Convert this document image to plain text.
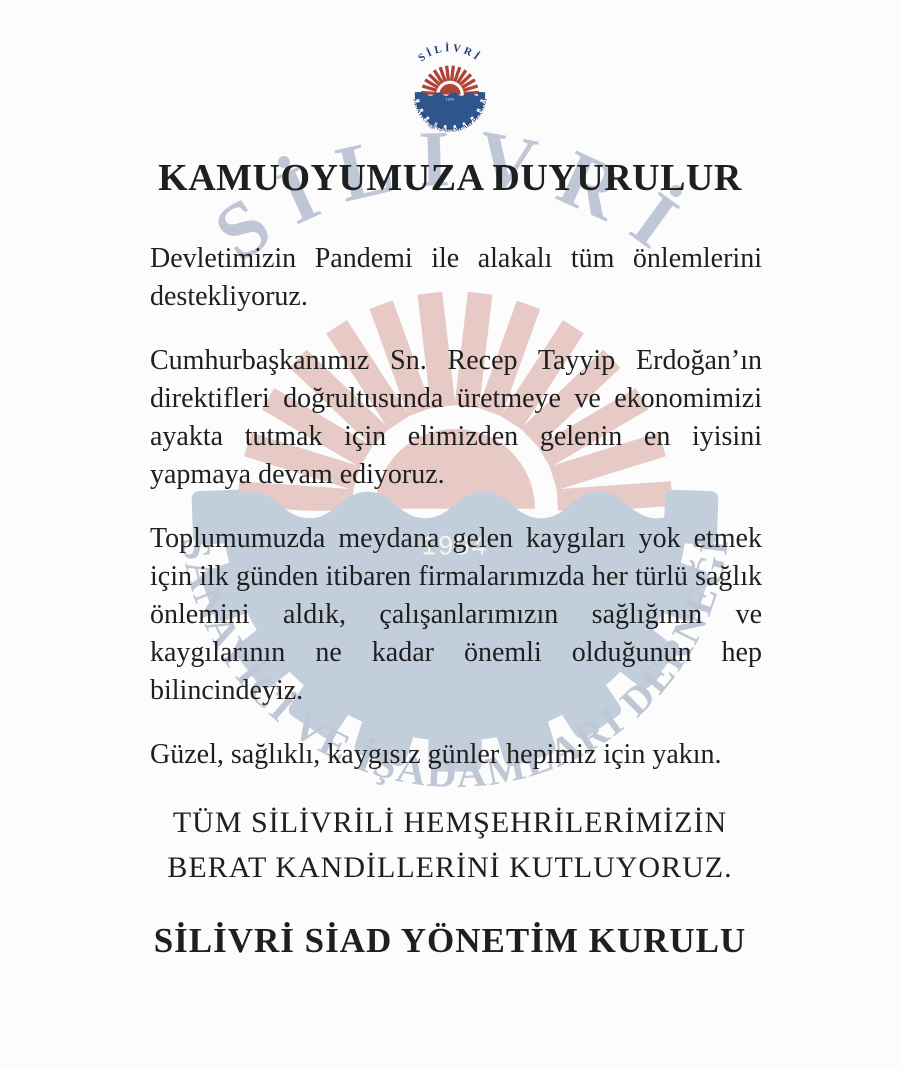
KAMUOYUMUZA DUYURULUR

Devletimizin Pandemi ile alakalı tüm önlemlerini destekliyoruz.

Cumhurbaşkanımız Sn. Recep Tayyip Erdoğan’ın direktifleri doğrultusunda üretmeye ve ekonomimizi ayakta tutmak için elimizden gelenin en iyisini yapmaya devam ediyoruz.

Toplumumuzda meydana gelen kaygıları yok etmek için ilk günden itibaren firmalarımızda her türlü sağlık önlemini aldık, çalışanlarımızın sağlığının ve kaygılarının ne kadar önemli olduğunun hep bilincindeyiz.

Güzel, sağlıklı, kaygısız günler hepimiz için yakın.

TÜM SİLİVRİLİ HEMŞEHRİLERİMİZİN
BERAT KANDİLLERİNİ KUTLUYORUZ.
SİLİVRİ SİAD YÖNETİM KURULU
